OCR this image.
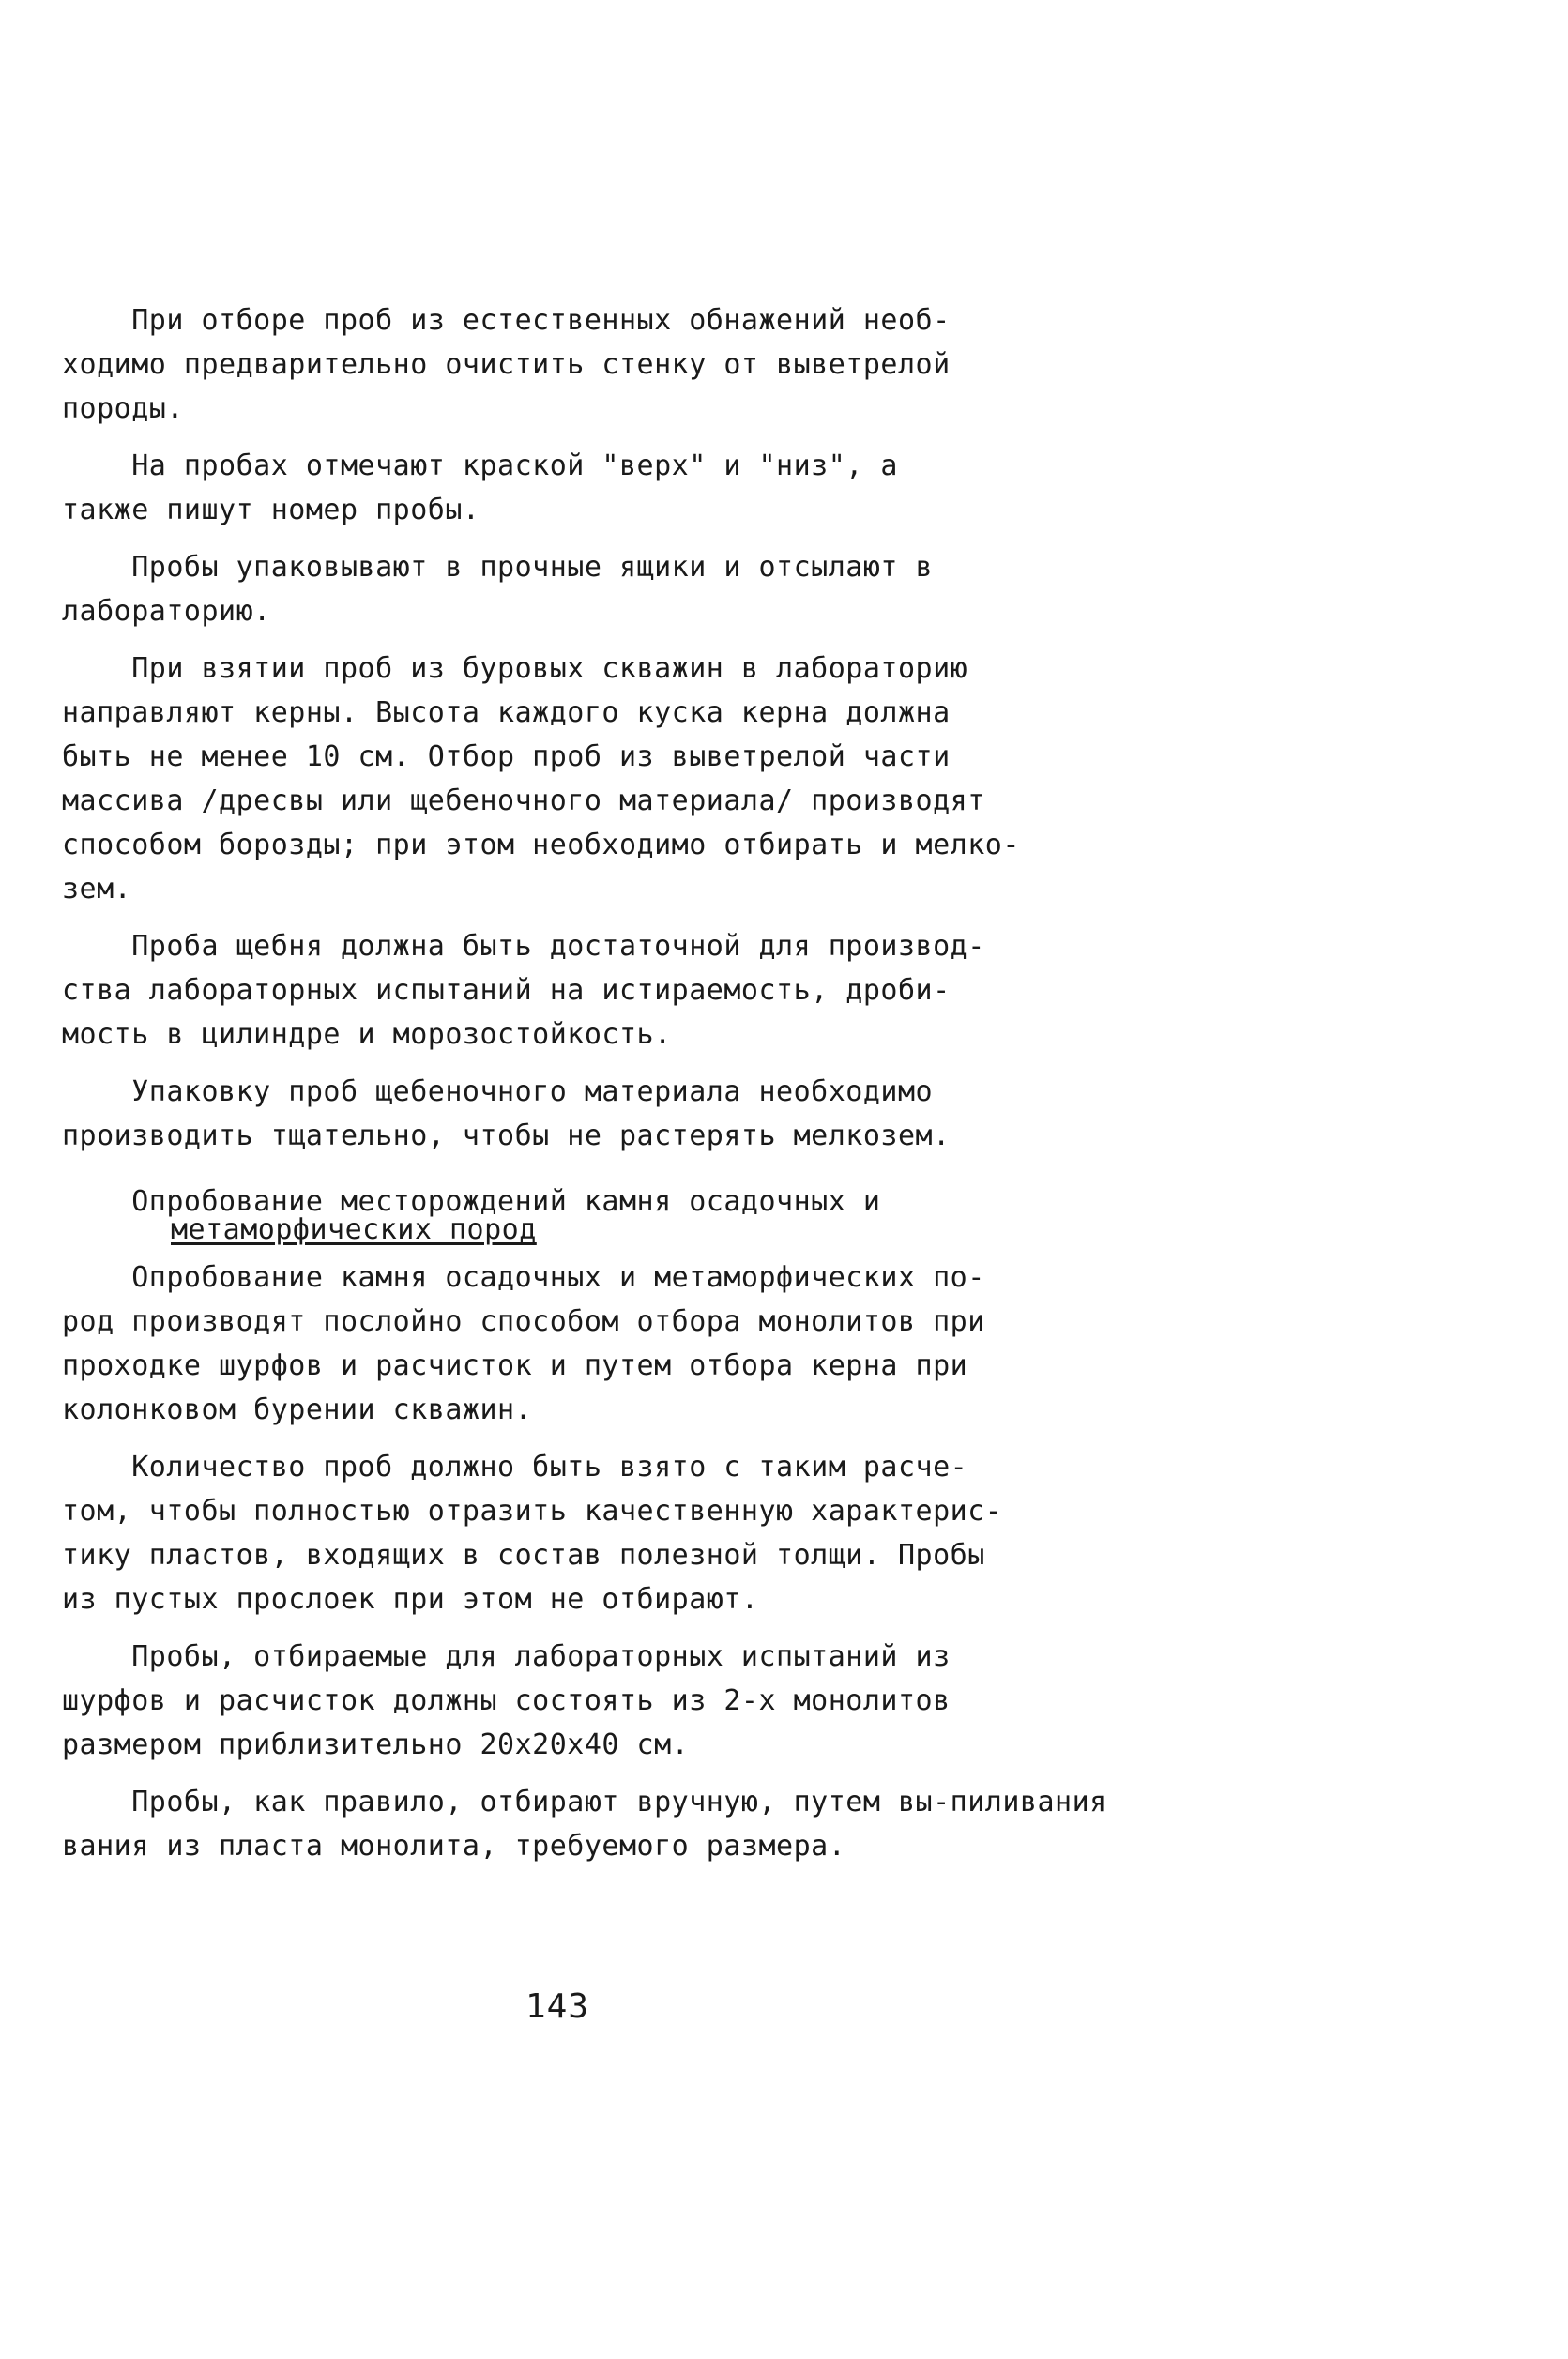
При отборе проб из естественных обнажений необ-
ходимо предварительно очистить стенку от выветрелой
породы.

На пробах отмечают краской "верх" и "низ", а
также пишут номер пробы.

Пробы упаковывают в прочные ящики и отсылают в
лабораторию.

При взятии проб из буровых скважин в лабораторию
направляют керны. Высота каждого куска керна должна
быть не менее 10 см. Отбор проб из выветрелой части
массива /дресвы или щебеночного материала/ производят
способом борозды; при этом необходимо отбирать и мелко-
зем.

Проба щебня должна быть достаточной для производ-
ства лабораторных испытаний на истираемость, дроби-
мость в цилиндре и морозостойкость.

Упаковку проб щебеночного материала необходимо
производить тщательно, чтобы не растерять мелкозем.

Опробование месторождений камня осадочных и
метаморфических пород

Опробование камня осадочных и метаморфических по-
род производят послойно способом отбора монолитов при
проходке шурфов и расчисток и путем отбора керна при
колонковом бурении скважин.

Количество проб должно быть взято с таким расче-
том, чтобы полностью отразить качественную характерис-
тику пластов, входящих в состав полезной толщи. Пробы
из пустых прослоек при этом не отбирают.

Пробы, отбираемые для лабораторных испытаний из
шурфов и расчисток должны состоять из 2-х монолитов
размером приблизительно 20x20x40 см.

Пробы, как правило, отбирают вручную, путем вы-пиливания
вания из пласта монолита, требуемого размера.

143
